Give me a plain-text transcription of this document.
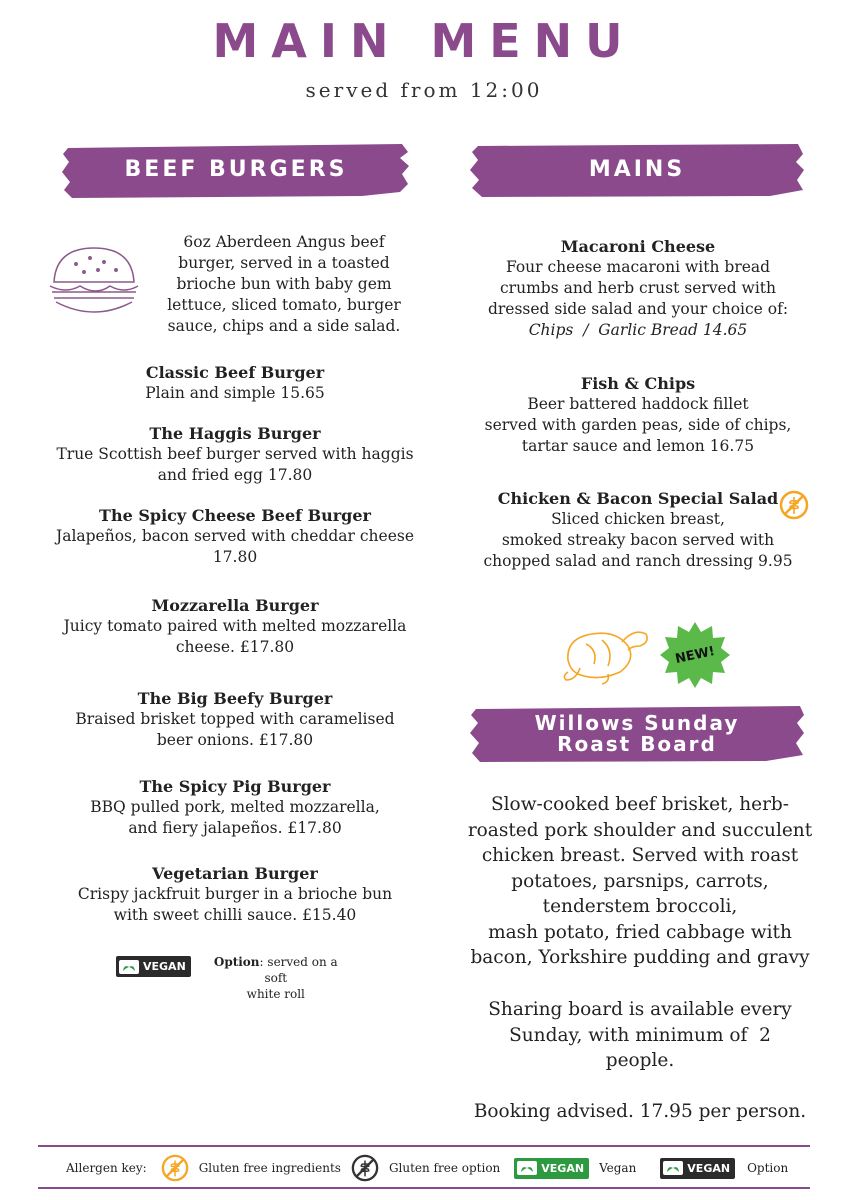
MAIN MENU
served from 12:00
BEEF BURGERS	MAINS
6oz Aberdeen Angus beef
burger, served in a toasted
brioche bun with baby gem
lettuce, sliced tomato, burger
sauce, chips and a side salad.
Classic Beef Burger
Plain and simple 15.65
The Haggis Burger
True Scottish beef burger served with haggis
and fried egg 17.80
The Spicy Cheese Beef Burger
Jalapeños, bacon served with cheddar cheese
17.80
Mozzarella Burger
Juicy tomato paired with melted mozzarella
cheese. £17.80
The Big Beefy Burger
Braised brisket topped with caramelised
beer onions. £17.80
The Spicy Pig Burger
BBQ pulled pork, melted mozzarella,
and fiery jalapeños. £17.80
Vegetarian Burger
Crispy jackfruit burger in a brioche bun
with sweet chilli sauce. £15.40
VEGAN	Option: served on a soft
white roll
Macaroni Cheese
Four cheese macaroni with bread
crumbs and herb crust served with
dressed side salad and your choice of:
Chips  /  Garlic Bread 14.65
Fish & Chips
Beer battered haddock fillet
served with garden peas, side of chips,
tartar sauce and lemon 16.75
Chicken & Bacon Special Salad
Sliced chicken breast,
smoked streaky bacon served with
chopped salad and ranch dressing 9.95
NEW!
Willows Sunday
Roast Board
Slow-cooked beef brisket, herb-
roasted pork shoulder and succulent
chicken breast. Served with roast
potatoes, parsnips, carrots,
tenderstem broccoli,
mash potato, fried cabbage with
bacon, Yorkshire pudding and gravy
Sharing board is available every
Sunday, with minimum of  2
people.
Booking advised. 17.95 per person.
Allergen key:	Gluten free ingredients	Gluten free option	VEGAN Vegan	VEGAN Option
